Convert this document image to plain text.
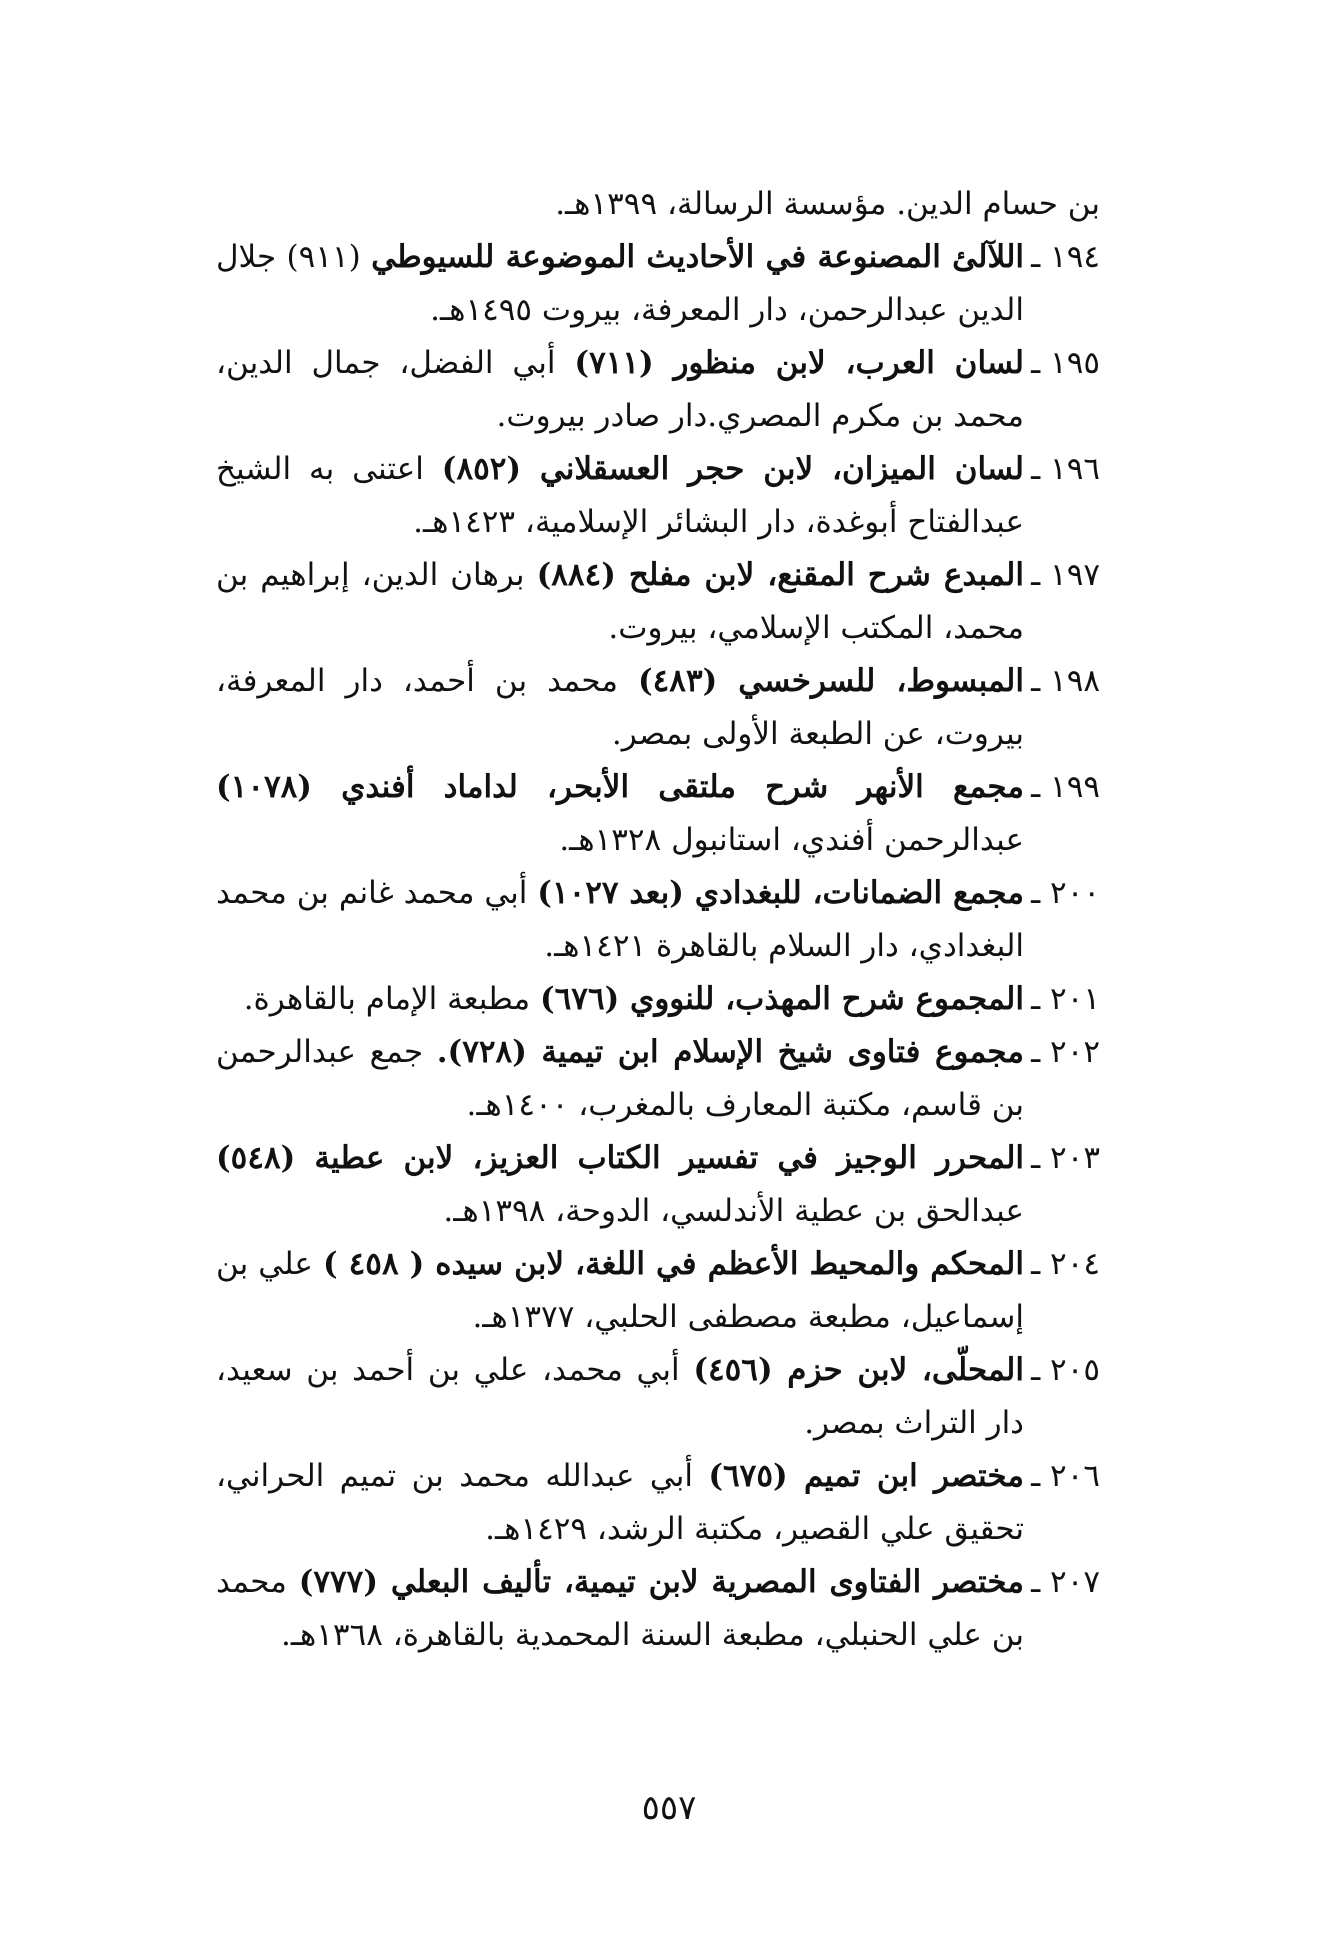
بن حسام الدين. مؤسسة الرسالة، ١٣٩٩هـ.

١٩٤ ـ
اللآلئ المصنوعة في الأحاديث الموضوعة للسيوطي (٩١١) جلال الدين عبدالرحمن، دار المعرفة، بيروت ١٤٩٥هـ.
١٩٥ ـ
لسان العرب، لابن منظور (٧١١) أبي الفضل، جمال الدين، محمد بن مكرم المصري.دار صادر بيروت.
١٩٦ ـ
لسان الميزان، لابن حجر العسقلاني (٨٥٢) اعتنى به الشيخ عبدالفتاح أبوغدة، دار البشائر الإسلامية، ١٤٢٣هـ.
١٩٧ ـ
المبدع شرح المقنع، لابن مفلح (٨٨٤) برهان الدين، إبراهيم بن محمد، المكتب الإسلامي، بيروت.
١٩٨ ـ
المبسوط، للسرخسي (٤٨٣) محمد بن أحمد، دار المعرفة، بيروت، عن الطبعة الأولى بمصر.
١٩٩ ـ
مجمع الأنهر شرح ملتقى الأبحر، لداماد أفندي (١٠٧٨) عبدالرحمن أفندي، استانبول ١٣٢٨هـ.
٢٠٠ ـ
مجمع الضمانات، للبغدادي (بعد ١٠٢٧) أبي محمد غانم بن محمد البغدادي، دار السلام بالقاهرة ١٤٢١هـ.
٢٠١ ـ
المجموع شرح المهذب، للنووي (٦٧٦) مطبعة الإمام بالقاهرة.
٢٠٢ ـ
مجموع فتاوى شيخ الإسلام ابن تيمية (٧٢٨). جمع عبدالرحمن بن قاسم، مكتبة المعارف بالمغرب، ١٤٠٠هـ.
٢٠٣ ـ
المحرر الوجيز في تفسير الكتاب العزيز، لابن عطية (٥٤٨) عبدالحق بن عطية الأندلسي، الدوحة، ١٣٩٨هـ.
٢٠٤ ـ
المحكم والمحيط الأعظم في اللغة، لابن سيده ( ٤٥٨ ) علي بن إسماعيل، مطبعة مصطفى الحلبي، ١٣٧٧هـ.
٢٠٥ ـ
المحلّى، لابن حزم (٤٥٦) أبي محمد، علي بن أحمد بن سعيد، دار التراث بمصر.
٢٠٦ ـ
مختصر ابن تميم (٦٧٥) أبي عبدالله محمد بن تميم الحراني، تحقيق علي القصير، مكتبة الرشد، ١٤٢٩هـ.
٢٠٧ ـ
مختصر الفتاوى المصرية لابن تيمية، تأليف البعلي (٧٧٧) محمد بن علي الحنبلي، مطبعة السنة المحمدية بالقاهرة، ١٣٦٨هـ.
٥٥٧
